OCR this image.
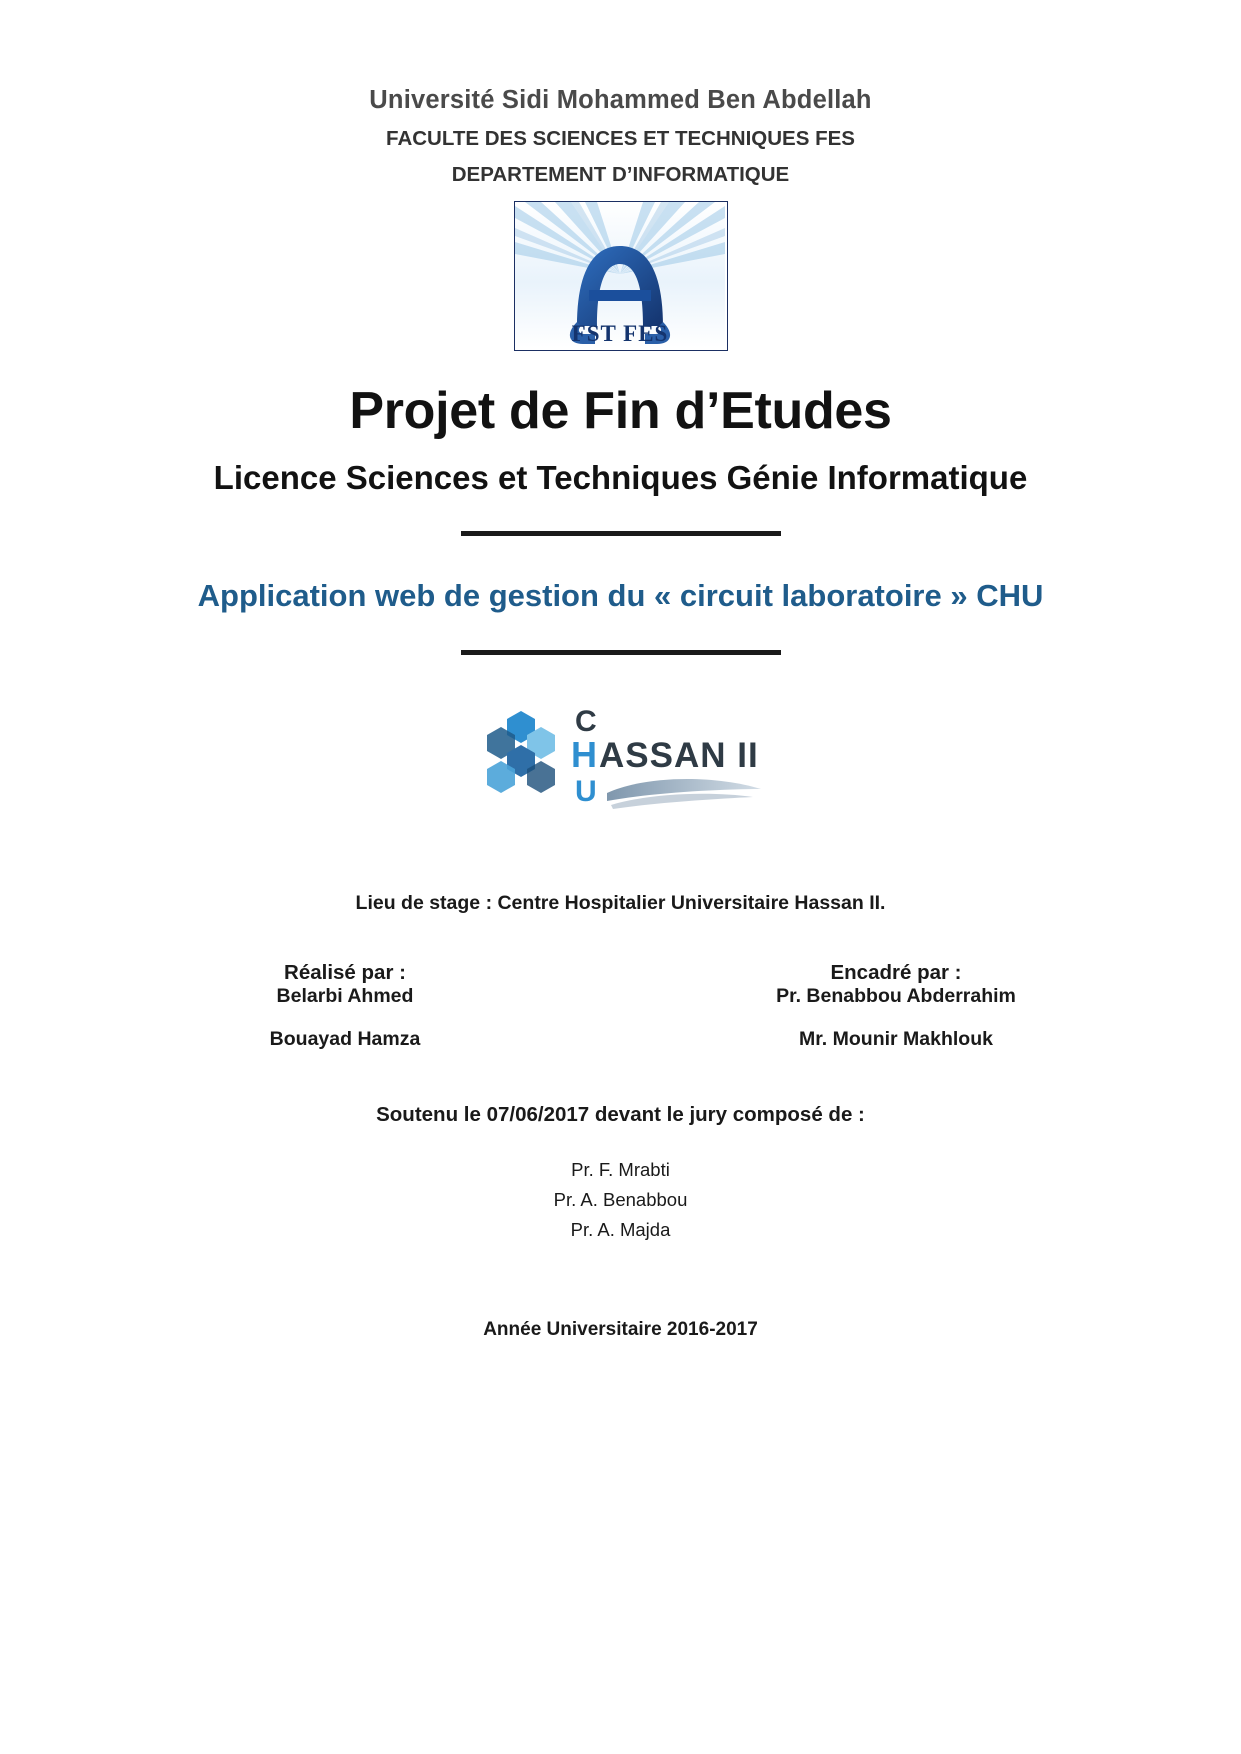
Université Sidi Mohammed Ben Abdellah
FACULTE DES SCIENCES ET TECHNIQUES FES
DEPARTEMENT D’INFORMATIQUE
FST FES
Projet de Fin d’Etudes
Licence Sciences et Techniques Génie Informatique
Application web de gestion du « circuit laboratoire » CHU
C
H
U
ASSAN II
Lieu de stage : Centre Hospitalier Universitaire Hassan II.
Réalisé par :
Belarbi Ahmed
Bouayad Hamza
Encadré par :
Pr. Benabbou Abderrahim
Mr. Mounir Makhlouk
Soutenu le 07/06/2017 devant le jury composé de :
Pr. F. Mrabti
Pr. A. Benabbou
Pr. A. Majda
Année Universitaire 2016-2017
